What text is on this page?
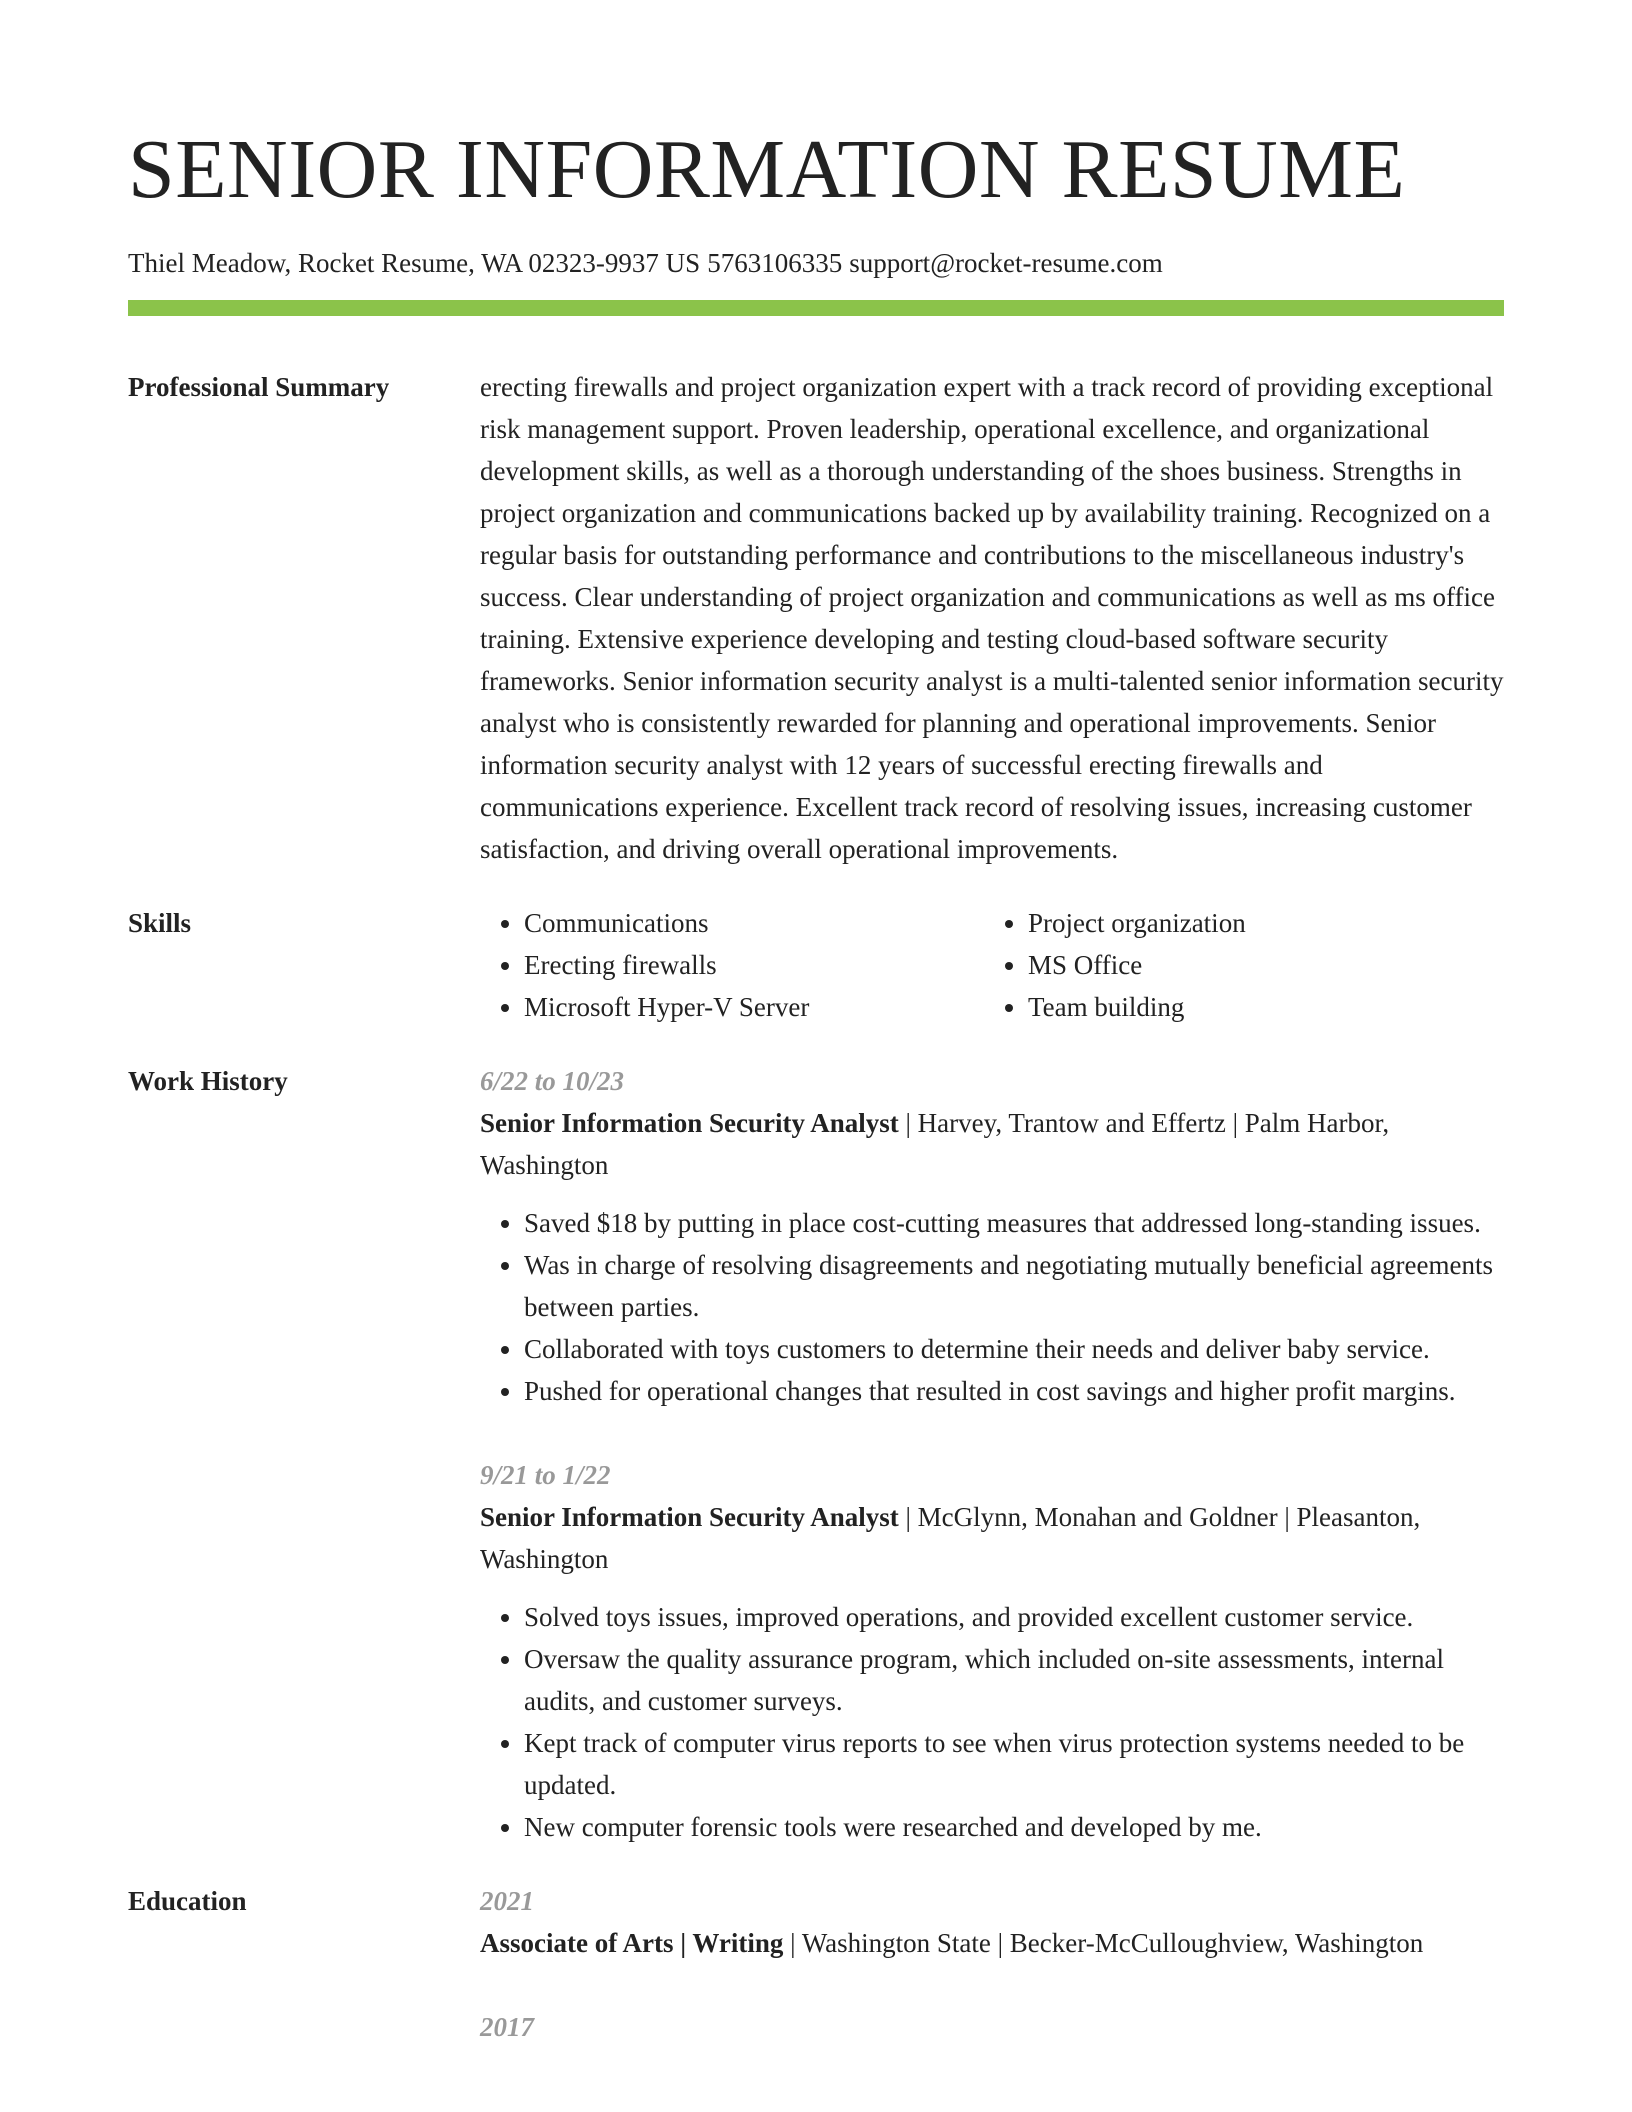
SENIOR INFORMATION RESUME
Thiel Meadow, Rocket Resume, WA 02323-9937 US 5763106335 support@rocket-resume.com
Professional Summary	erecting firewalls and project organization expert with a track record of providing exceptional risk management support. Proven leadership, operational excellence, and organizational development skills, as well as a thorough understanding of the shoes business. Strengths in project organization and communications backed up by availability training. Recognized on a regular basis for outstanding performance and contributions to the miscellaneous industry's success. Clear understanding of project organization and communications as well as ms office training. Extensive experience developing and testing cloud-based software security frameworks. Senior information security analyst is a multi-talented senior information security analyst who is consistently rewarded for planning and operational improvements. Senior information security analyst with 12 years of successful erecting firewalls and communications experience. Excellent track record of resolving issues, increasing customer satisfaction, and driving overall operational improvements.

Skills
•	Communications
• Erecting firewalls
• Microsoft Hyper-V Server
• Project organization
• MS Office
• Team building
Work History	6/22 to 10/23
Senior Information Security Analyst | Harvey, Trantow and Effertz | Palm Harbor, Washington
• Saved $18 by putting in place cost-cutting measures that addressed long-standing issues.
• Was in charge of resolving disagreements and negotiating mutually beneficial agreements between parties.
• Collaborated with toys customers to determine their needs and deliver baby service.
• Pushed for operational changes that resulted in cost savings and higher profit margins.
9/21 to 1/22
Senior Information Security Analyst | McGlynn, Monahan and Goldner | Pleasanton, Washington
• Solved toys issues, improved operations, and provided excellent customer service.
• Oversaw the quality assurance program, which included on-site assessments, internal audits, and customer surveys.
• Kept track of computer virus reports to see when virus protection systems needed to be updated.
• New computer forensic tools were researched and developed by me.
Education	2021
Associate of Arts | Writing | Washington State | Becker-McCulloughview, Washington
2017
